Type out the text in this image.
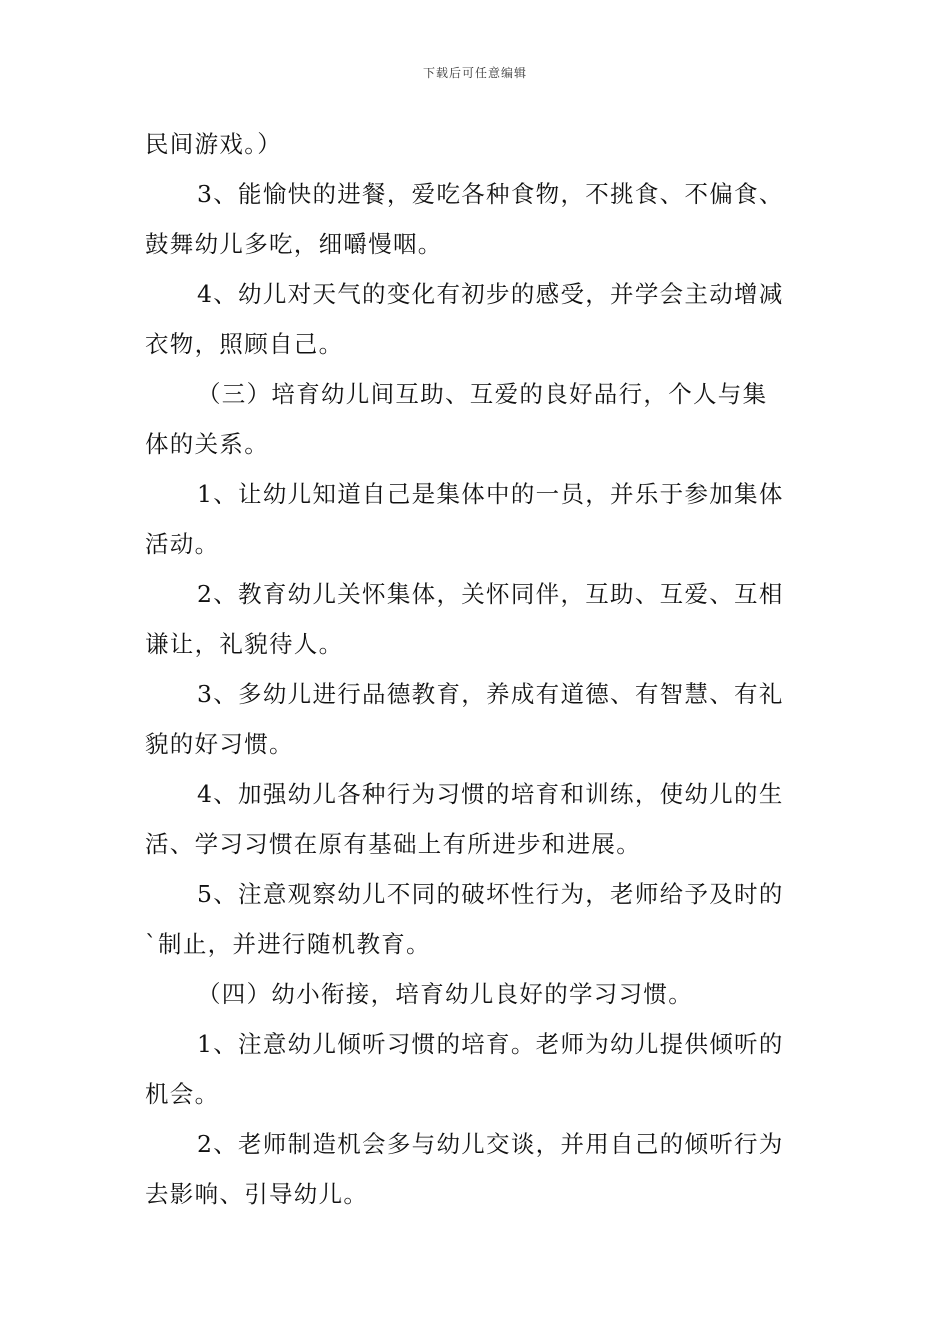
下载后可任意编辑
民间游戏。）
3、能愉快的进餐，爱吃各种食物，不挑食、不偏食、
鼓舞幼儿多吃，细嚼慢咽。
4、幼儿对天气的变化有初步的感受，并学会主动增减
衣物，照顾自己。
（三）培育幼儿间互助、互爱的良好品行，个人与集
体的关系。
1、让幼儿知道自己是集体中的一员，并乐于参加集体
活动。
2、教育幼儿关怀集体，关怀同伴，互助、互爱、互相
谦让，礼貌待人。
3、多幼儿进行品德教育，养成有道德、有智慧、有礼
貌的好习惯。
4、加强幼儿各种行为习惯的培育和训练，使幼儿的生
活、学习习惯在原有基础上有所进步和进展。
5、注意观察幼儿不同的破坏性行为，老师给予及时的
`制止，并进行随机教育。
（四）幼小衔接，培育幼儿良好的学习习惯。
1、注意幼儿倾听习惯的培育。老师为幼儿提供倾听的
机会。
2、老师制造机会多与幼儿交谈，并用自己的倾听行为
去影响、引导幼儿。
